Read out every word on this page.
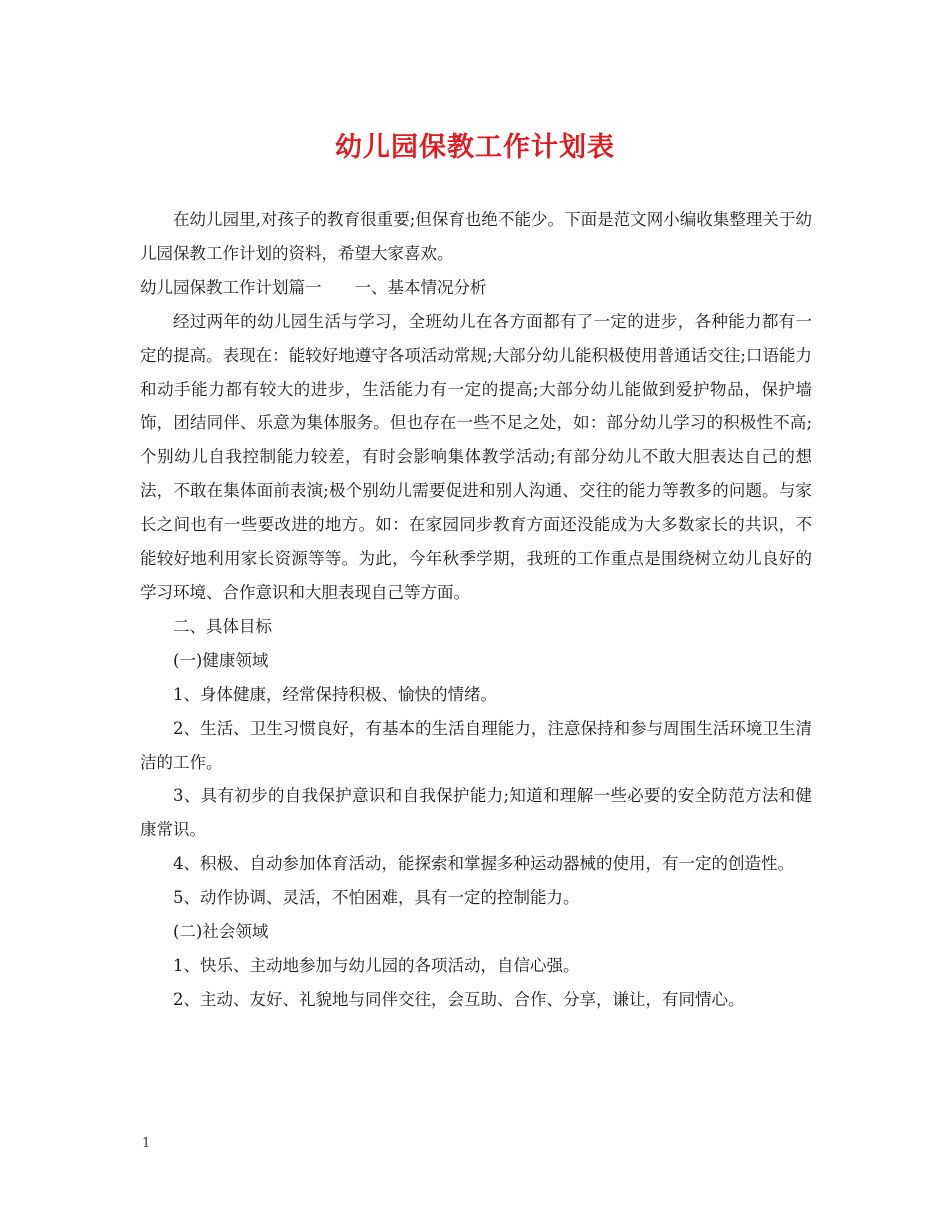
幼儿园保教工作计划表

在幼儿园里,对孩子的教育很重要;但保育也绝不能少。下面是范文网小编收集整理关于幼儿园保教工作计划的资料，希望大家喜欢。

幼儿园保教工作计划篇一　　一、基本情况分析

经过两年的幼儿园生活与学习，全班幼儿在各方面都有了一定的进步，各种能力都有一定的提高。表现在：能较好地遵守各项活动常规;大部分幼儿能积极使用普通话交往;口语能力和动手能力都有较大的进步，生活能力有一定的提高;大部分幼儿能做到爱护物品，保护墙饰，团结同伴、乐意为集体服务。但也存在一些不足之处，如：部分幼儿学习的积极性不高;个别幼儿自我控制能力较差，有时会影响集体教学活动;有部分幼儿不敢大胆表达自己的想法，不敢在集体面前表演;极个别幼儿需要促进和别人沟通、交往的能力等教多的问题。与家长之间也有一些要改进的地方。如：在家园同步教育方面还没能成为大多数家长的共识，不能较好地利用家长资源等等。为此，今年秋季学期，我班的工作重点是围绕树立幼儿良好的学习环境、合作意识和大胆表现自己等方面。

二、具体目标

(一)健康领域

1、身体健康，经常保持积极、愉快的情绪。

2、生活、卫生习惯良好，有基本的生活自理能力，注意保持和参与周围生活环境卫生清洁的工作。

3、具有初步的自我保护意识和自我保护能力;知道和理解一些必要的安全防范方法和健康常识。

4、积极、自动参加体育活动，能探索和掌握多种运动器械的使用，有一定的创造性。

5、动作协调、灵活，不怕困难，具有一定的控制能力。

(二)社会领域

1、快乐、主动地参加与幼儿园的各项活动，自信心强。

2、主动、友好、礼貌地与同伴交往，会互助、合作、分享，谦让，有同情心。

1
